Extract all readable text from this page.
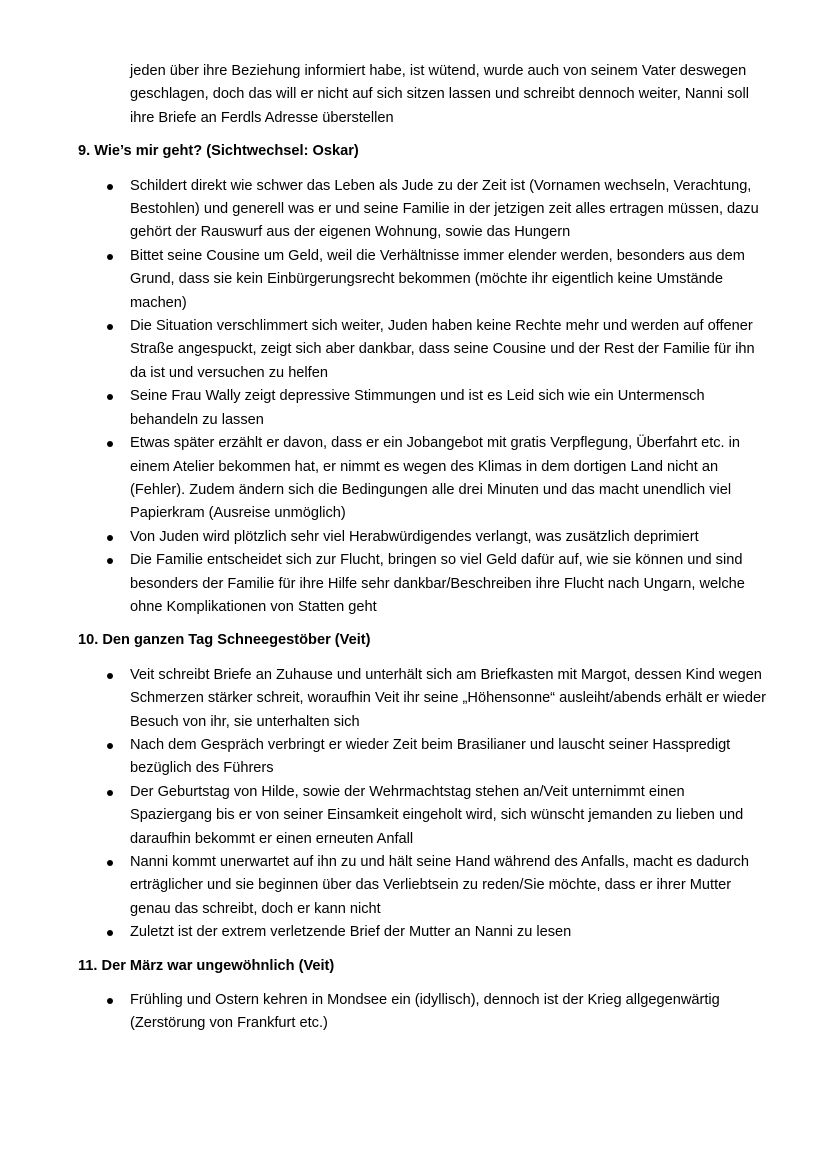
jeden über ihre Beziehung informiert habe, ist wütend, wurde auch von seinem Vater deswegen geschlagen, doch das will er nicht auf sich sitzen lassen und schreibt dennoch weiter, Nanni soll ihre Briefe an Ferdls Adresse überstellen

9. Wie’s mir geht? (Sichtwechsel: Oskar)

Schildert direkt wie schwer das Leben als Jude zu der Zeit ist (Vornamen wechseln, Verachtung, Bestohlen) und generell was er und seine Familie in der jetzigen zeit alles ertragen müssen, dazu gehört der Rauswurf aus der eigenen Wohnung, sowie das Hungern
Bittet seine Cousine um Geld, weil die Verhältnisse immer elender werden, besonders aus dem Grund, dass sie kein Einbürgerungsrecht bekommen (möchte ihr eigentlich keine Umstände machen)
Die Situation verschlimmert sich weiter, Juden haben keine Rechte mehr und werden auf offener Straße angespuckt, zeigt sich aber dankbar, dass seine Cousine und der Rest der Familie für ihn da ist und versuchen zu helfen
Seine Frau Wally zeigt depressive Stimmungen und ist es Leid sich wie ein Untermensch behandeln zu lassen
Etwas später erzählt er davon, dass er ein Jobangebot mit gratis Verpflegung, Überfahrt etc. in einem Atelier bekommen hat, er nimmt es wegen des Klimas in dem dortigen Land nicht an (Fehler). Zudem ändern sich die Bedingungen alle drei Minuten und das macht unendlich viel Papierkram (Ausreise unmöglich)
Von Juden wird plötzlich sehr viel Herabwürdigendes verlangt, was zusätzlich deprimiert
Die Familie entscheidet sich zur Flucht, bringen so viel Geld dafür auf, wie sie können und sind besonders der Familie für ihre Hilfe sehr dankbar/Beschreiben ihre Flucht nach Ungarn, welche ohne Komplikationen von Statten geht

10. Den ganzen Tag Schneegestöber (Veit)

Veit schreibt Briefe an Zuhause und unterhält sich am Briefkasten mit Margot, dessen Kind wegen Schmerzen stärker schreit, woraufhin Veit ihr seine „Höhensonne“ ausleiht/abends erhält er wieder Besuch von ihr, sie unterhalten sich
Nach dem Gespräch verbringt er wieder Zeit beim Brasilianer und lauscht seiner Hasspredigt bezüglich des Führers
Der Geburtstag von Hilde, sowie der Wehrmachtstag stehen an/Veit unternimmt einen Spaziergang bis er von seiner Einsamkeit eingeholt wird, sich wünscht jemanden zu lieben und daraufhin bekommt er einen erneuten Anfall
Nanni kommt unerwartet auf ihn zu und hält seine Hand während des Anfalls, macht es dadurch erträglicher und sie beginnen über das Verliebtsein zu reden/Sie möchte, dass er ihrer Mutter genau das schreibt, doch er kann nicht
Zuletzt ist der extrem verletzende Brief der Mutter an Nanni zu lesen

11. Der März war ungewöhnlich (Veit)

Frühling und Ostern kehren in Mondsee ein (idyllisch), dennoch ist der Krieg allgegenwärtig (Zerstörung von Frankfurt etc.)
